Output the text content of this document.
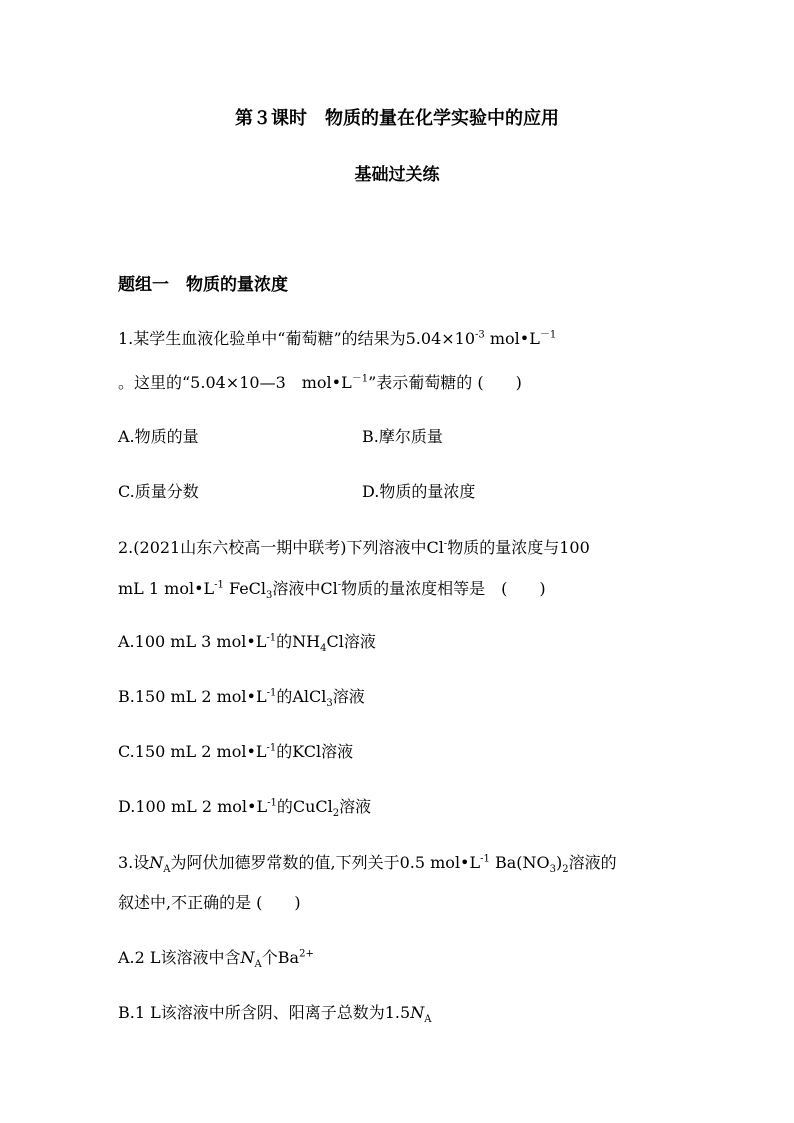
第３课时　物质的量在化学实验中的应用
基础过关练
题组一　物质的量浓度
1.某学生血液化验单中“葡萄糖”的结果为$5.04\times 10^{-3}$ $mol•L^{-1}$
。这里的“5.04×10—3　$mol•L^{-1}$”表示葡萄糖的 (　　)
A.物质的量	B.摩尔质量
C.质量分数	D.物质的量浓度
2.(2021山东六校高一期中联考)下列溶液中Cl-物质的量浓度与100
mL 1 $mol•L^{-1}$ FeCl$_3$溶液中Cl-物质的量浓度相等是　(　　)
A.100 mL 3 $mol•L^{-1}$的$NH_4Cl$溶液
B.150 mL 2 $mol•L^{-1}$的AlCl$_3$溶液
C.150 mL 2 $mol•L^{-1}$的KCl溶液
D.100 mL 2 $mol•L^{-1}$的CuCl$_2$溶液
3.设$N_A$为阿伏加德罗常数的值,下列关于0.5 $mol•L^{-1}$ $Ba(NO_3)_2$溶液的
叙述中,不正确的是 (　　)
A.2 L该溶液中含$N_A$个$Ba^{2+}$
B.1 L该溶液中所含阴、阳离子总数为$1.5N_A$
